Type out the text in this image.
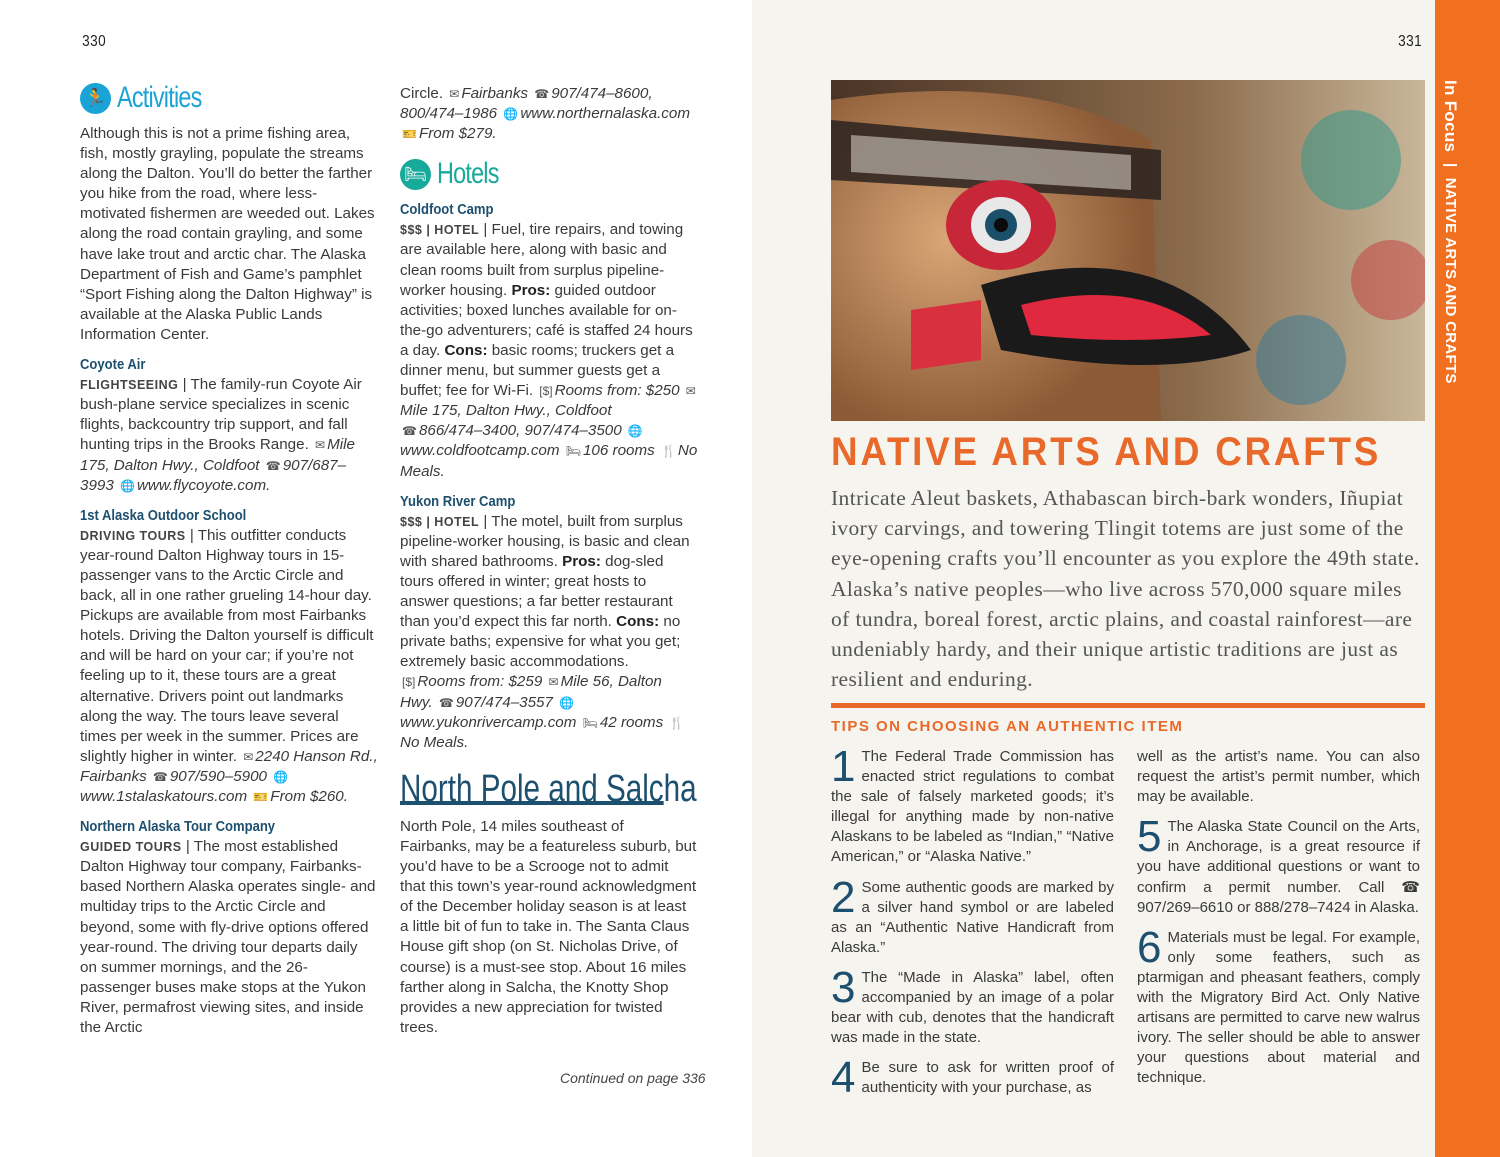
330
🏃 Activities

Although this is not a prime fishing area, fish, mostly grayling, populate the streams along the Dalton. You’ll do better the farther you hike from the road, where less-motivated fishermen are weeded out. Lakes along the road contain grayling, and some have lake trout and arctic char. The Alaska Department of Fish and Game’s pamphlet “Sport Fishing along the Dalton Highway” is available at the Alaska Public Lands Information Center.

Coyote Air
FLIGHTSEEING | The family-run Coyote Air bush-plane service specializes in scenic flights, backcountry trip support, and fall hunting trips in the Brooks Range. ✉ Mile 175, Dalton Hwy., Coldfoot ☎ 907/687–3993 🌐 www.flycoyote.com.

1st Alaska Outdoor School
DRIVING TOURS | This outfitter conducts year-round Dalton Highway tours in 15-passenger vans to the Arctic Circle and back, all in one rather grueling 14-hour day. Pickups are available from most Fairbanks hotels. Driving the Dalton yourself is difficult and will be hard on your car; if you’re not feeling up to it, these tours are a great alternative. Drivers point out landmarks along the way. The tours leave several times per week in the summer. Prices are slightly higher in winter. ✉ 2240 Hanson Rd., Fairbanks ☎ 907/590–5900 🌐www.1stalaskatours.com 🎫 From $260.

Northern Alaska Tour Company
GUIDED TOURS | The most established Dalton Highway tour company, Fairbanks-based Northern Alaska operates single- and multiday trips to the Arctic Circle and beyond, some with fly-drive options offered year-round. The driving tour departs daily on summer mornings, and the 26-passenger buses make stops at the Yukon River, permafrost viewing sites, and inside the Arctic

Circle. ✉ Fairbanks ☎ 907/474–8600, 800/474–1986 🌐 www.northernalaska.com 🎫 From $279.

🛏 Hotels

Coldfoot Camp
$$$ | HOTEL | Fuel, tire repairs, and towing are available here, along with basic and clean rooms built from surplus pipeline-worker housing. Pros: guided outdoor activities; boxed lunches available for on-the-go adventurers; café is staffed 24 hours a day. Cons: basic rooms; truckers get a dinner menu, but summer guests get a buffet; fee for Wi-Fi. [$] Rooms from: $250 ✉Mile 175, Dalton Hwy., Coldfoot ☎ 866/474–3400, 907/474–3500 🌐www.coldfootcamp.com 🛏 106 rooms 🍴 No Meals.

Yukon River Camp
$$$ | HOTEL | The motel, built from surplus pipeline-worker housing, is basic and clean with shared bathrooms. Pros: dog-sled tours offered in winter; great hosts to answer questions; a far better restaurant than you’d expect this far north. Cons: no private baths; expensive for what you get; extremely basic accommodations. [$] Rooms from: $259 ✉ Mile 56, Dalton Hwy. ☎ 907/474–3557 🌐www.yukonrivercamp.com 🛏 42 rooms 🍴No Meals.

North Pole and Salcha

North Pole, 14 miles southeast of Fairbanks, may be a featureless suburb, but you’d have to be a Scrooge not to admit that this town’s year-round acknowledgment of the December holiday season is at least a little bit of fun to take in. The Santa Claus House gift shop (on St. Nicholas Drive, of course) is a must-see stop. About 16 miles farther along in Salcha, the Knotty Shop provides a new appreciation for twisted trees.

Continued on page 336
331
NATIVE ARTS AND CRAFTS
Intricate Aleut baskets, Athabascan birch-bark wonders, Iñupiat ivory carvings, and towering Tlingit totems are just some of the eye-opening crafts you’ll encounter as you explore the 49th state. Alaska’s native peoples—who live across 570,000 square miles of tundra, boreal forest, arctic plains, and coastal rainforest—are undeniably hardy, and their unique artistic traditions are just as resilient and enduring.
TIPS ON CHOOSING AN AUTHENTIC ITEM
1 The Federal Trade Commission has enacted strict regulations to combat the sale of falsely marketed goods; it’s illegal for anything made by non-native Alaskans to be labeled as “Indian,” “Native American,” or “Alaska Native.”
2 Some authentic goods are marked by a silver hand symbol or are labeled as an “Authentic Native Handicraft from Alaska.”
3 The “Made in Alaska” label, often accompanied by an image of a polar bear with cub, denotes that the handicraft was made in the state.
4 Be sure to ask for written proof of authenticity with your purchase, as
well as the artist’s name. You can also request the artist’s permit number, which may be available.
5 The Alaska State Council on the Arts, in Anchorage, is a great resource if you have additional questions or want to confirm a permit number. Call ☎ 907/269–6610 or 888/278–7424 in Alaska.
6 Materials must be legal. For example, only some feathers, such as ptarmigan and pheasant feathers, comply with the Migratory Bird Act. Only Native artisans are permitted to carve new walrus ivory. The seller should be able to answer your questions about material and technique.
In Focus | NATIVE ARTS AND CRAFTS
